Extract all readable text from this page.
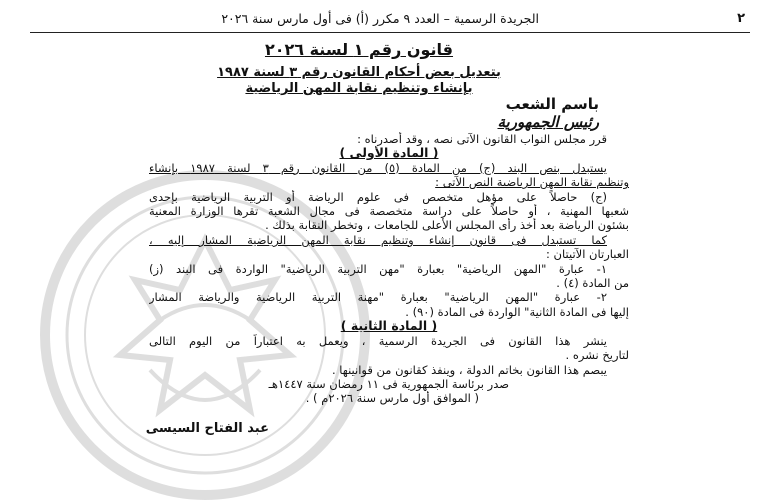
٢
الجريدة الرسمية – العدد ٩ مكرر (أ) فى أول مارس سنة ٢٠٢٦
قانون رقم ١ لسنة ٢٠٢٦
بتعديل بعض أحكام القانون رقم ٣ لسنة ١٩٨٧
بإنشاء وتنظيم نقابة المهن الرياضية
باسم الشعب
رئيس الجمهورية
قرر مجلس النواب القانون الآتى نصه ، وقد أصدرناه :
( المادة الأولى )
يستبدل بنص البند (ج) من المادة (٥) من القانون رقم ٣ لسنة ١٩٨٧ بإنشاء
وتنظيم نقابة المهن الرياضية النص الآتى :
(ج) حاصلاً على مؤهل متخصص فى علوم الرياضة أو التربية الرياضية بإحدى
شعبها المهنية ، أو حاصلاً على دراسة متخصصة فى مجال الشعبة تقرها الوزارة المعنية
بشئون الرياضة بعد أخذ رأى المجلس الأعلى للجامعات ، وتخطر النقابة بذلك .
كما تستبدل فى قانون إنشاء وتنظيم نقابة المهن الرياضية المشار إليه ،
العبارتان الآتيتان :
١- عبارة "المهن الرياضية" بعبارة "مهن التربية الرياضية" الواردة فى البند (ز)
من المادة (٤) .
٢- عبارة "المهن الرياضية" بعبارة "مهنة التربية الرياضية والرياضة المشار
إليها فى المادة الثانية" الواردة فى المادة (٩٠) .
( المادة الثانية )
ينشر هذا القانون فى الجريدة الرسمية ، ويعمل به اعتباراً من اليوم التالى
لتاريخ نشره .
يبصم هذا القانون بخاتم الدولة ، وينفذ كقانون من قوانينها .
صدر برئاسة الجمهورية فى ١١ رمضان سنة ١٤٤٧هـ
( الموافق أول مارس سنة ٢٠٢٦م ) .
عبد الفتاح السيسى
